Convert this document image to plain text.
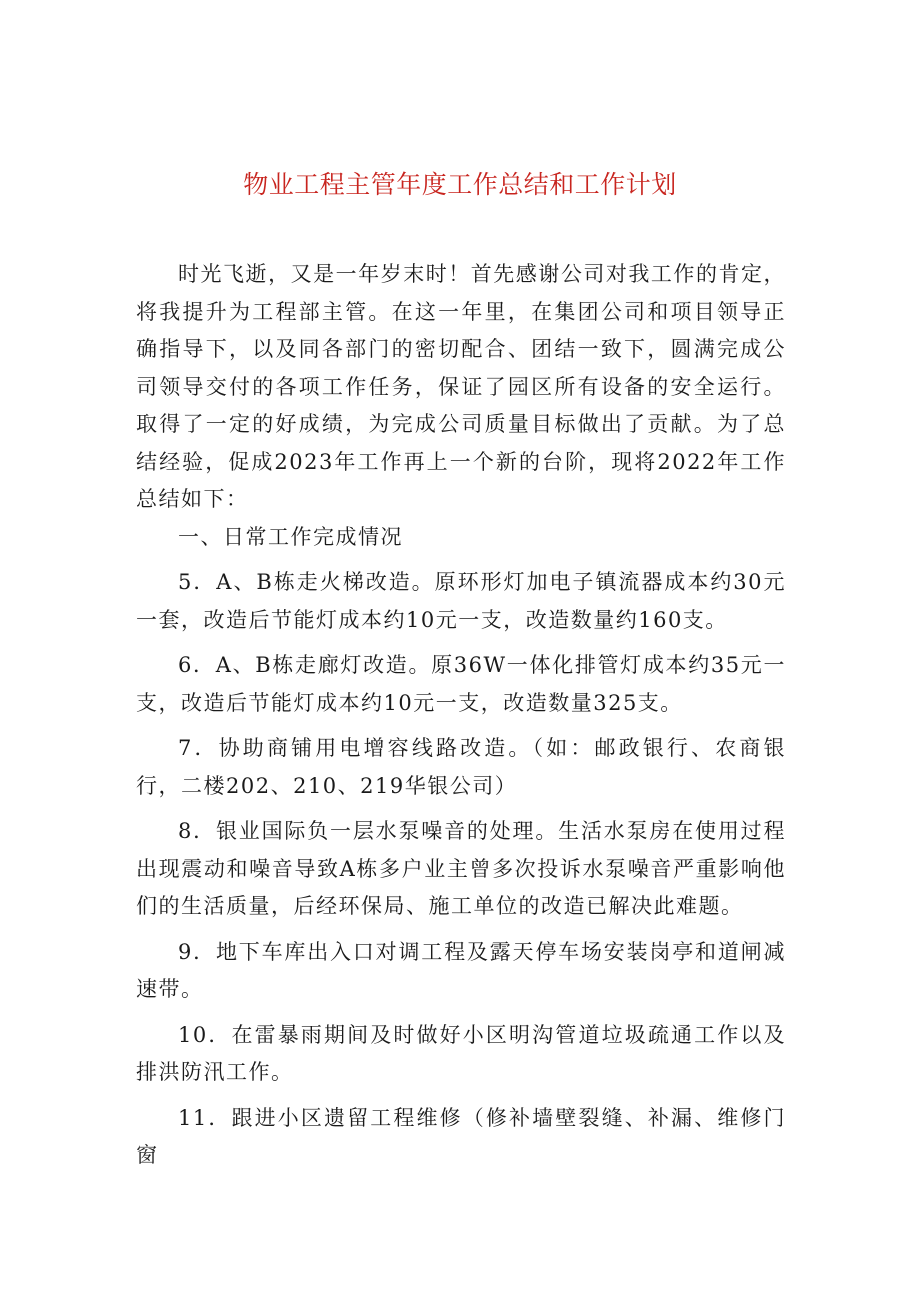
物业工程主管年度工作总结和工作计划

时光飞逝，又是一年岁末时！首先感谢公司对我工作的肯定，将我提升为工程部主管。在这一年里，在集团公司和项目领导正确指导下，以及同各部门的密切配合、团结一致下，圆满完成公司领导交付的各项工作任务，保证了园区所有设备的安全运行。取得了一定的好成绩，为完成公司质量目标做出了贡献。为了总结经验，促成2023年工作再上一个新的台阶，现将2022年工作总结如下：

一、日常工作完成情况

5．A、B栋走火梯改造。原环形灯加电子镇流器成本约30元一套，改造后节能灯成本约10元一支，改造数量约160支。

6．A、B栋走廊灯改造。原36W一体化排管灯成本约35元一支，改造后节能灯成本约10元一支，改造数量325支。

7．协助商铺用电增容线路改造。（如：邮政银行、农商银行，二楼202、210、219华银公司）

8．银业国际负一层水泵噪音的处理。生活水泵房在使用过程出现震动和噪音导致A栋多户业主曾多次投诉水泵噪音严重影响他们的生活质量，后经环保局、施工单位的改造已解决此难题。

9．地下车库出入口对调工程及露天停车场安装岗亭和道闸减速带。

10．在雷暴雨期间及时做好小区明沟管道垃圾疏通工作以及排洪防汛工作。

11．跟进小区遗留工程维修（修补墙壁裂缝、补漏、维修门窗
